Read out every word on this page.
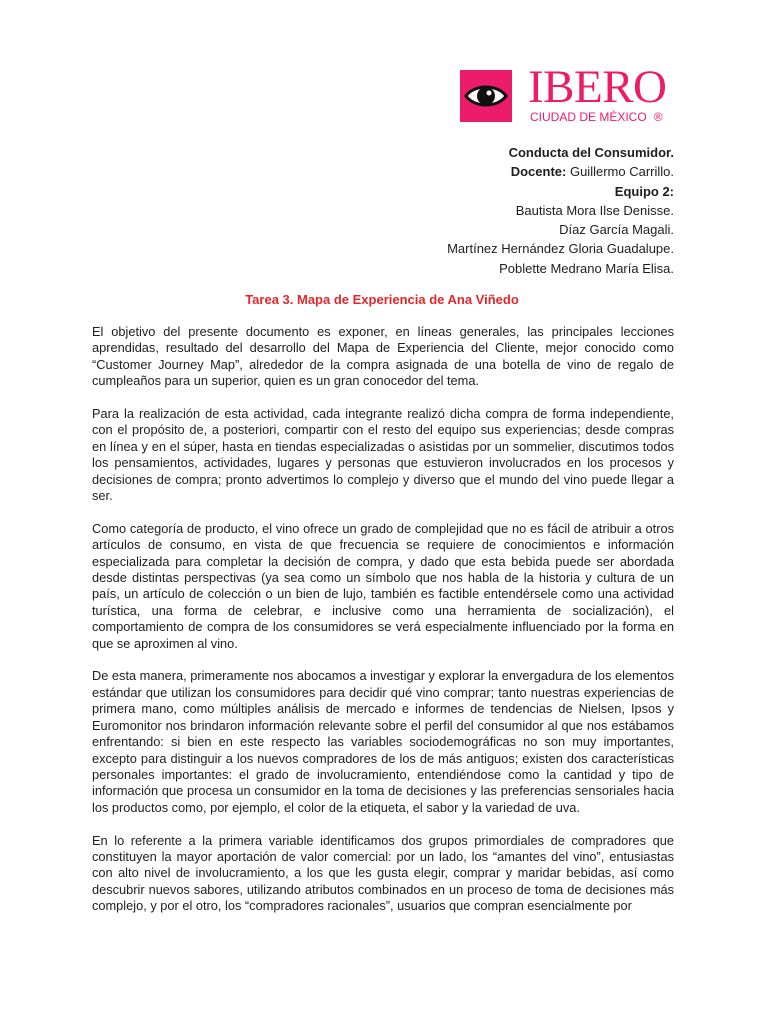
IBERO
CIUDAD DE MÉXICO ®
Conducta del Consumidor.
Docente: Guillermo Carrillo.
Equipo 2:
Bautista Mora Ilse Denisse.
Díaz García Magali.
Martínez Hernández Gloria Guadalupe.
Poblette Medrano María Elisa.
Tarea 3. Mapa de Experiencia de Ana Viñedo

El objetivo del presente documento es exponer, en líneas generales, las principales lecciones aprendidas, resultado del desarrollo del Mapa de Experiencia del Cliente, mejor conocido como “Customer Journey Map”, alrededor de la compra asignada de una botella de vino de regalo de cumpleaños para un superior, quien es un gran conocedor del tema.

Para la realización de esta actividad, cada integrante realizó dicha compra de forma independiente, con el propósito de, a posteriori, compartir con el resto del equipo sus experiencias; desde compras en línea y en el súper, hasta en tiendas especializadas o asistidas por un sommelier, discutimos todos los pensamientos, actividades, lugares y personas que estuvieron involucrados en los procesos y decisiones de compra; pronto advertimos lo complejo y diverso que el mundo del vino puede llegar a ser.

Como categoría de producto, el vino ofrece un grado de complejidad que no es fácil de atribuir a otros artículos de consumo, en vista de que frecuencia se requiere de conocimientos e información especializada para completar la decisión de compra, y dado que esta bebida puede ser abordada desde distintas perspectivas (ya sea como un símbolo que nos habla de la historia y cultura de un país, un artículo de colección o un bien de lujo, también es factible entendérsele como una actividad turística, una forma de celebrar, e inclusive como una herramienta de socialización), el comportamiento de compra de los consumidores se verá especialmente influenciado por la forma en que se aproximen al vino.

De esta manera, primeramente nos abocamos a investigar y explorar la envergadura de los elementos estándar que utilizan los consumidores para decidir qué vino comprar; tanto nuestras experiencias de primera mano, como múltiples análisis de mercado e informes de tendencias de Nielsen, Ipsos y Euromonitor nos brindaron información relevante sobre el perfil del consumidor al que nos estábamos enfrentando: si bien en este respecto las variables sociodemográficas no son muy importantes, excepto para distinguir a los nuevos compradores de los de más antiguos; existen dos características personales importantes: el grado de involucramiento, entendiéndose como la cantidad y tipo de información que procesa un consumidor en la toma de decisiones y las preferencias sensoriales hacia los productos como, por ejemplo, el color de la etiqueta, el sabor y la variedad de uva.

En lo referente a la primera variable identificamos dos grupos primordiales de compradores que constituyen la mayor aportación de valor comercial: por un lado, los “amantes del vino”, entusiastas con alto nivel de involucramiento, a los que les gusta elegir, comprar y maridar bebidas, así como descubrir nuevos sabores, utilizando atributos combinados en un proceso de toma de decisiones más complejo, y por el otro, los “compradores racionales”, usuarios que compran esencialmente por
